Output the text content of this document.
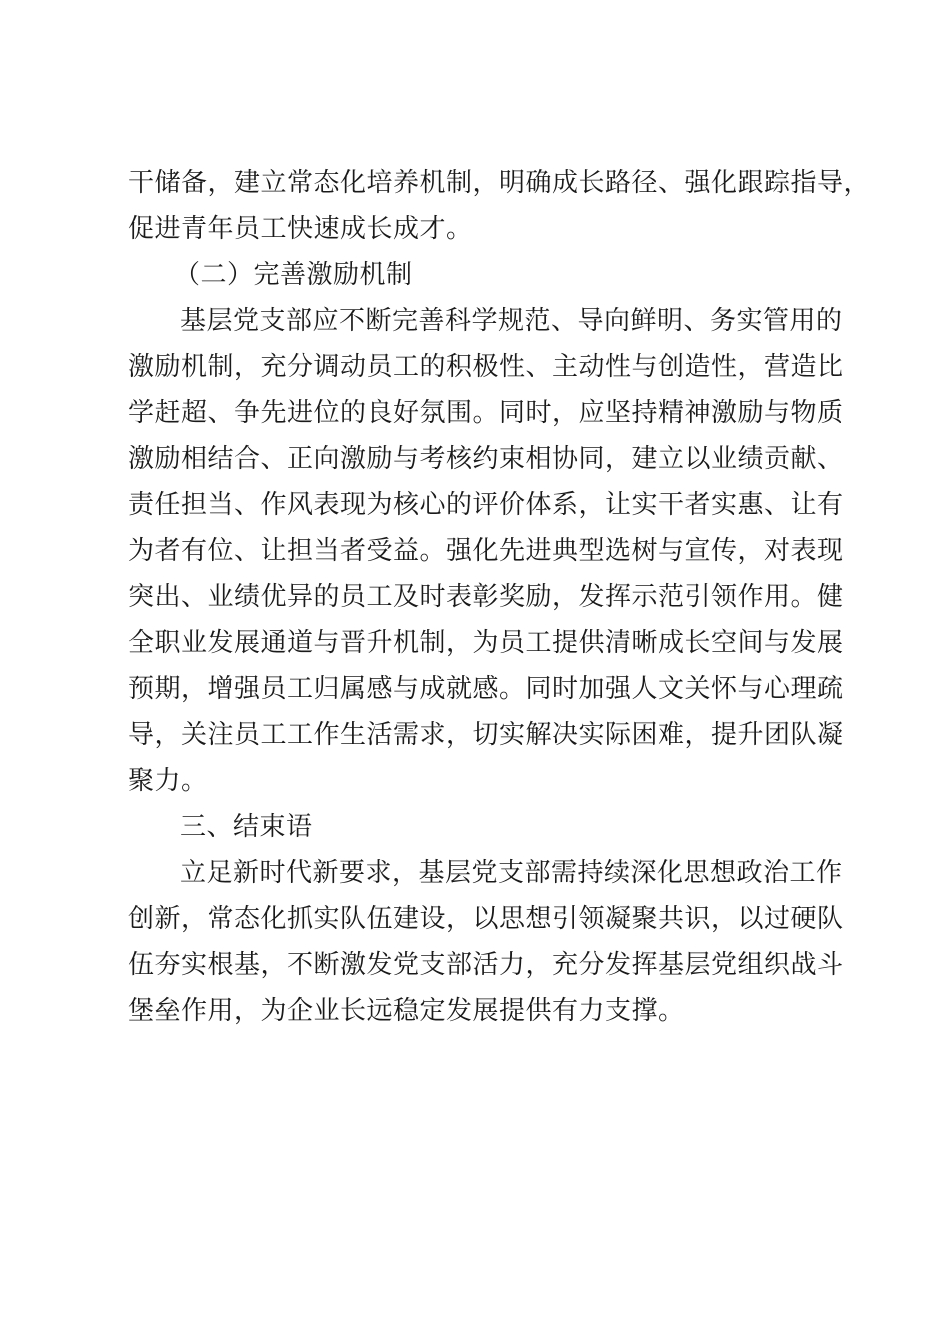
干储备，建立常态化培养机制，明确成长路径、强化跟踪指导，
促进青年员工快速成长成才。
（二）完善激励机制
基层党支部应不断完善科学规范、导向鲜明、务实管用的
激励机制，充分调动员工的积极性、主动性与创造性，营造比
学赶超、争先进位的良好氛围。同时，应坚持精神激励与物质
激励相结合、正向激励与考核约束相协同，建立以业绩贡献、
责任担当、作风表现为核心的评价体系，让实干者实惠、让有
为者有位、让担当者受益。强化先进典型选树与宣传，对表现
突出、业绩优异的员工及时表彰奖励，发挥示范引领作用。健
全职业发展通道与晋升机制，为员工提供清晰成长空间与发展
预期，增强员工归属感与成就感。同时加强人文关怀与心理疏
导，关注员工工作生活需求，切实解决实际困难，提升团队凝
聚力。
三、结束语
立足新时代新要求，基层党支部需持续深化思想政治工作
创新，常态化抓实队伍建设，以思想引领凝聚共识，以过硬队
伍夯实根基，不断激发党支部活力，充分发挥基层党组织战斗
堡垒作用，为企业长远稳定发展提供有力支撑。
